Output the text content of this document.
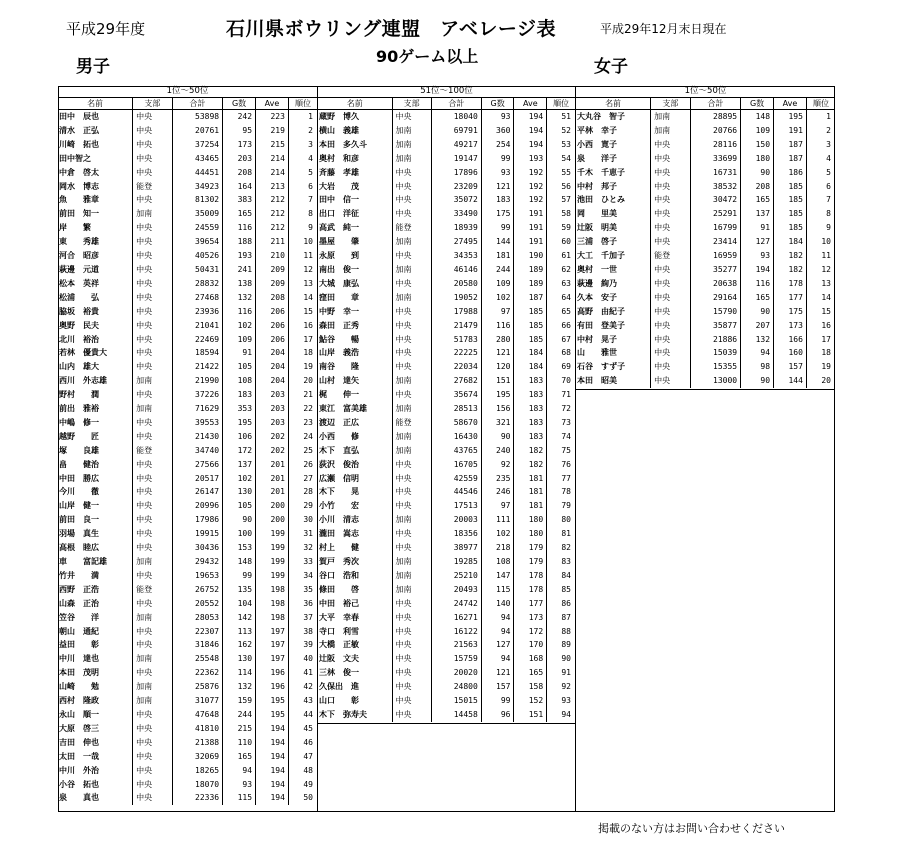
平成29年度	石川県ボウリング連盟　アベレージ表	平成29年12月末日現在
90ゲーム以上
男子	女子
1位～50位
名前	支部	合計	G数	Ave	順位
田中　辰也	中央	53898	242	223	1
清水　正弘	中央	20761	95	219	2
川崎　拓也	中央	37254	173	215	3
田中智之	中央	43465	203	214	4
中倉　啓太	中央	44451	208	214	5
岡水　博志	能登	34923	164	213	6
魚　　雅章	中央	81302	383	212	7
前田　知一	加南	35009	165	212	8
岸　　繁	中央	24559	116	212	9
東　　秀雄	中央	39654	188	211	10
河合　昭彦	中央	40526	193	210	11
萩邊　元道	中央	50431	241	209	12
松本　英祥	中央	28832	138	209	13
松浦　　弘	中央	27468	132	208	14
脇坂　裕貴	中央	23936	116	206	15
奥野　民夫	中央	21041	102	206	16
北川　裕治	中央	22469	109	206	17
若林　優貴大	中央	18594	91	204	18
山内　雄大	中央	21422	105	204	19
西川　外志雄	加南	21990	108	204	20
野村　　潤	中央	37226	183	203	21
前出　雅裕	加南	71629	353	203	22
中嶋　修一	中央	39553	195	203	23
越野　　匠	中央	21430	106	202	24
塚　　良雄	能登	34740	172	202	25
畠　　健治	中央	27566	137	201	26
中田　勝広	中央	20517	102	201	27
今川　　徹	中央	26147	130	201	28
山岸　健一	中央	20996	105	200	29
前田　良一	中央	17986	90	200	30
羽場　真生	中央	19915	100	199	31
高根　睦広	中央	30436	153	199	32
車　　富記雄	加南	29432	148	199	33
竹井　　満	中央	19653	99	199	34
西野　正浩	能登	26752	135	198	35
山森　正治	中央	20552	104	198	36
笠谷　　洋	加南	28053	142	198	37
朝山　通紀	中央	22307	113	197	38
益田　　彰	中央	31846	162	197	39
中川　達也	加南	25548	130	197	40
本田　茂明	中央	22362	114	196	41
山崎　　勉	加南	25876	132	196	42
西村　隆政	加南	31077	159	195	43
永山　順一	中央	47648	244	195	44
大原　啓三	中央	41810	215	194	45
吉田　伸也	中央	21388	110	194	46
太田　一哉	中央	32069	165	194	47
中川　外治	中央	18265	94	194	48
小谷　拓也	中央	18070	93	194	49
泉　　真也	中央	22336	115	194	50
51位～100位
名前	支部	合計	G数	Ave	順位
蔵野　博久	中央	18040	93	194	51
横山　義雄	加南	69791	360	194	52
本田　多久斗	加南	49217	254	194	53
奥村　和彦	加南	19147	99	193	54
斉藤　孝雄	中央	17896	93	192	55
大岩　　茂	中央	23209	121	192	56
田中　信一	中央	35072	183	192	57
出口　洋征	中央	33490	175	191	58
高武　純一	能登	18939	99	191	59
墨屋　　肇	加南	27495	144	191	60
永原　　到	中央	34353	181	190	61
南出　俊一	加南	46146	244	189	62
大城　康弘	中央	20580	109	189	63
窪田　　章	加南	19052	102	187	64
中野　幸一	中央	17988	97	185	65
森田　正秀	中央	21479	116	185	66
鮎谷　　暢	中央	51783	280	185	67
山岸　義浩	中央	22225	121	184	68
南谷　　隆	中央	22034	120	184	69
山村　達矢	加南	27682	151	183	70
梶　　伸一	中央	35674	195	183	71
東江　富美雄	加南	28513	156	183	72
渡辺　正広	能登	58670	321	183	73
小西　　修	加南	16430	90	183	74
木下　直弘	加南	43765	240	182	75
荻沢　俊治	中央	16705	92	182	76
広瀬　信明	中央	42559	235	181	77
木下　　晃	中央	44546	246	181	78
小竹　　宏	中央	17513	97	181	79
小川　清志	加南	20003	111	180	80
瀧田　嵩志	中央	18356	102	180	81
村上　　健	中央	38977	218	179	82
賀戸　秀次	加南	19285	108	179	83
谷口　浩和	加南	25210	147	178	84
條田　　啓	加南	20493	115	178	85
中田　裕己	中央	24742	140	177	86
大平　幸春	中央	16271	94	173	87
寺口　利雪	中央	16122	94	172	88
大橋　正敏	中央	21563	127	170	89
辻阪　文夫	中央	15759	94	168	90
三林　俊一	中央	20020	121	165	91
久保出　進	中央	24800	157	158	92
山口　　彰	中央	15015	99	152	93
木下　弥寿夫	中央	14458	96	151	94
1位～50位
名前	支部	合計	G数	Ave	順位
大丸谷　智子	加南	28895	148	195	1
平林　幸子	加南	20766	109	191	2
小西　寛子	中央	28116	150	187	3
泉　　洋子	中央	33699	180	187	4
千木　千恵子	中央	16731	90	186	5
中村　邦子	中央	38532	208	185	6
池田　ひとみ	中央	30472	165	185	7
岡　　里美	中央	25291	137	185	8
辻阪　明美	中央	16799	91	185	9
三浦　啓子	中央	23414	127	184	10
大工　千加子	能登	16959	93	182	11
奥村　一世	中央	35277	194	182	12
萩邊　絢乃	中央	20638	116	178	13
久本　安子	中央	29164	165	177	14
高野　由紀子	中央	15790	90	175	15
有田　登美子	中央	35877	207	173	16
中村　晃子	中央	21886	132	166	17
山　　雅世	中央	15039	94	160	18
石谷　すず子	中央	15355	98	157	19
本田　昭美	中央	13000	90	144	20
掲載のない方はお問い合わせください
